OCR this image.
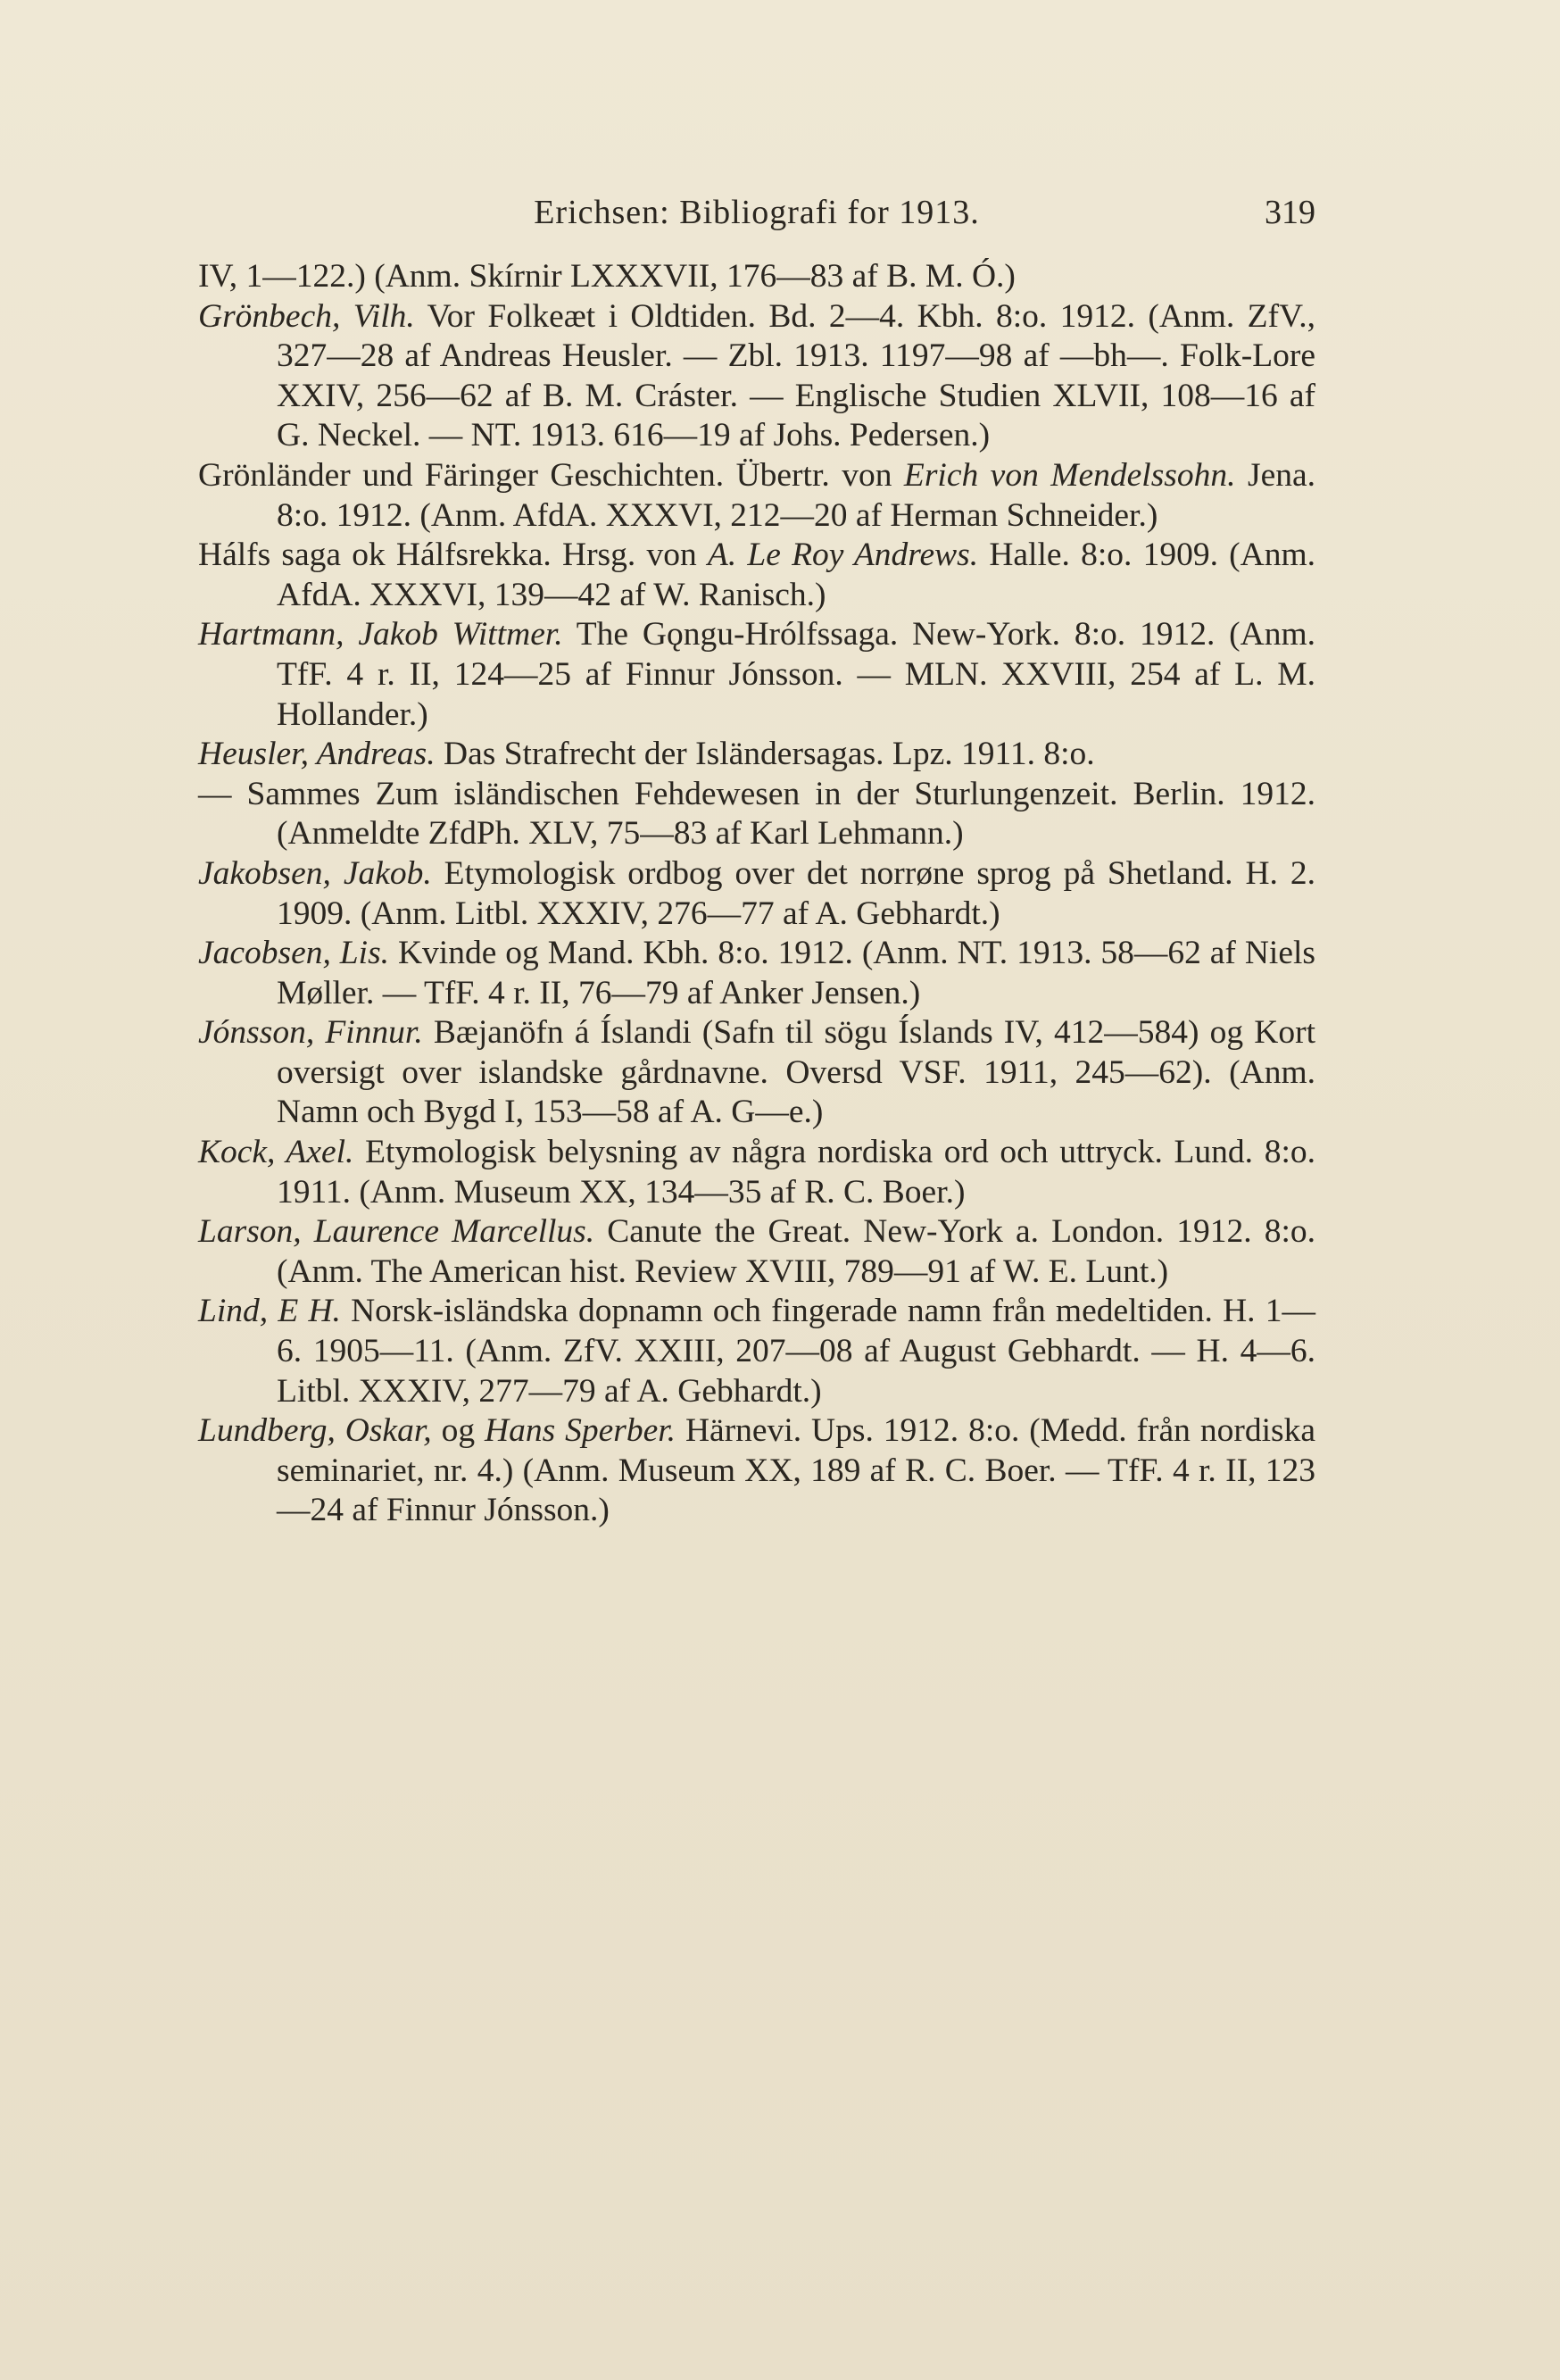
Erichsen: Bibliografi for 1913.	319

IV, 1—122.) (Anm. Skírnir LXXXVII, 176—83 af B. M. Ó.)

Grönbech, Vilh. Vor Folkeæt i Oldtiden. Bd. 2—4. Kbh. 8:o. 1912. (Anm. ZfV., 327—28 af Andreas Heusler. — Zbl. 1913. 1197—98 af —bh—. Folk-Lore XXIV, 256—62 af B. M. Cráster. — Englische Studien XLVII, 108—16 af G. Neckel. — NT. 1913. 616—19 af Johs. Pedersen.)

Grönländer und Färinger Geschichten. Übertr. von Erich von Mendelssohn. Jena. 8:o. 1912. (Anm. AfdA. XXXVI, 212—20 af Herman Schneider.)

Hálfs saga ok Hálfsrekka. Hrsg. von A. Le Roy Andrews. Halle. 8:o. 1909. (Anm. AfdA. XXXVI, 139—42 af W. Ranisch.)

Hartmann, Jakob Wittmer. The Gǫngu-Hrólfssaga. New-York. 8:o. 1912. (Anm. TfF. 4 r. II, 124—25 af Finnur Jónsson. — MLN. XXVIII, 254 af L. M. Hollander.)

Heusler, Andreas. Das Strafrecht der Isländersagas. Lpz. 1911. 8:o.

— Sammes Zum isländischen Fehdewesen in der Sturlungenzeit. Berlin. 1912. (Anmeldte ZfdPh. XLV, 75—83 af Karl Lehmann.)

Jakobsen, Jakob. Etymologisk ordbog over det norrøne sprog på Shetland. H. 2. 1909. (Anm. Litbl. XXXIV, 276—77 af A. Gebhardt.)

Jacobsen, Lis. Kvinde og Mand. Kbh. 8:o. 1912. (Anm. NT. 1913. 58—62 af Niels Møller. — TfF. 4 r. II, 76—79 af Anker Jensen.)

Jónsson, Finnur. Bæjanöfn á Íslandi (Safn til sögu Íslands IV, 412—584) og Kort oversigt over islandske gårdnavne. Oversd VSF. 1911, 245—62). (Anm. Namn och Bygd I, 153—58 af A. G—e.)

Kock, Axel. Etymologisk belysning av några nordiska ord och uttryck. Lund. 8:o. 1911. (Anm. Museum XX, 134—35 af R. C. Boer.)

Larson, Laurence Marcellus. Canute the Great. New-York a. London. 1912. 8:o. (Anm. The American hist. Review XVIII, 789—91 af W. E. Lunt.)

Lind, E H. Norsk-isländska dopnamn och fingerade namn från medeltiden. H. 1—6. 1905—11. (Anm. ZfV. XXIII, 207—08 af August Gebhardt. — H. 4—6. Litbl. XXXIV, 277—79 af A. Gebhardt.)

Lundberg, Oskar, og Hans Sperber. Härnevi. Ups. 1912. 8:o. (Medd. från nordiska seminariet, nr. 4.) (Anm. Museum XX, 189 af R. C. Boer. — TfF. 4 r. II, 123—24 af Finnur Jónsson.)
